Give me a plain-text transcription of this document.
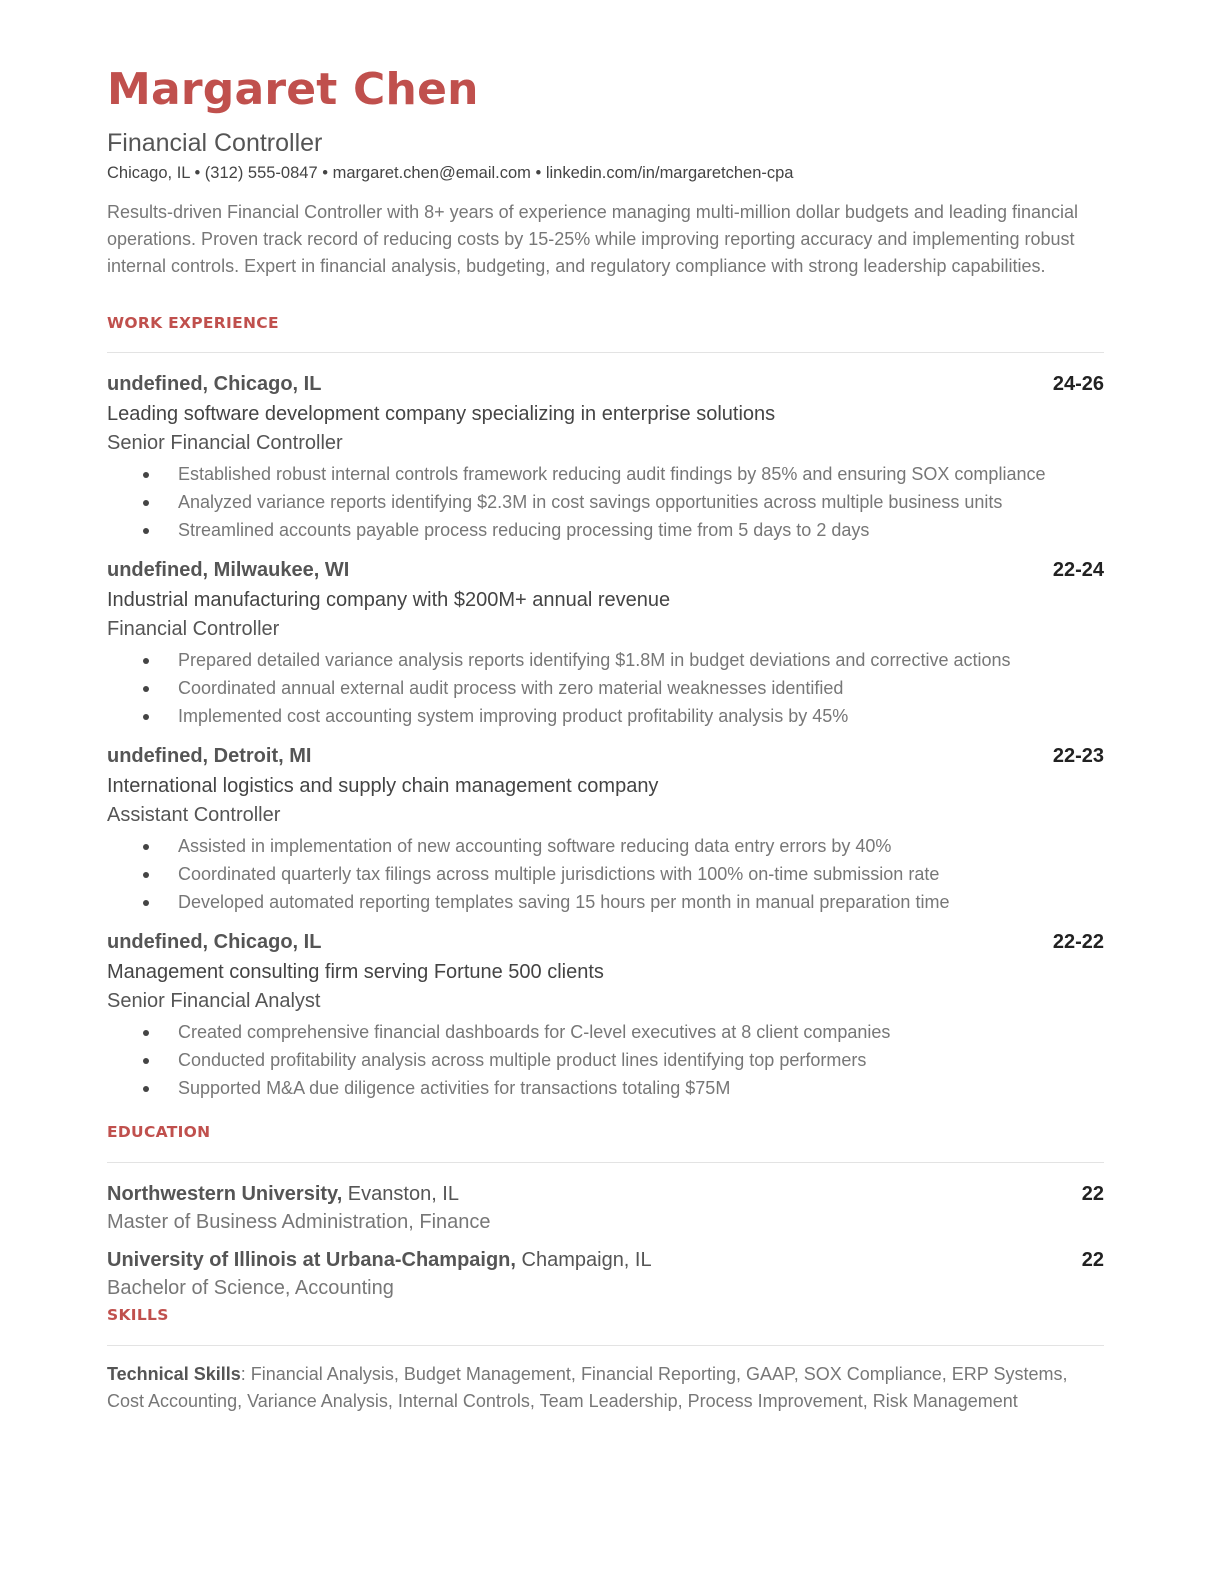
Margaret Chen
Financial Controller
Chicago, IL • (312) 555-0847 • margaret.chen@email.com • linkedin.com/in/margaretchen-cpa
Results-driven Financial Controller with 8+ years of experience managing multi-million dollar budgets and leading financial operations. Proven track record of reducing costs by 15-25% while improving reporting accuracy and implementing robust internal controls. Expert in financial analysis, budgeting, and regulatory compliance with strong leadership capabilities.
WORK EXPERIENCE
undefined, Chicago, IL	24-26
Leading software development company specializing in enterprise solutions
Senior Financial Controller
Established robust internal controls framework reducing audit findings by 85% and ensuring SOX compliance
Analyzed variance reports identifying $2.3M in cost savings opportunities across multiple business units
Streamlined accounts payable process reducing processing time from 5 days to 2 days
undefined, Milwaukee, WI	22-24
Industrial manufacturing company with $200M+ annual revenue
Financial Controller
Prepared detailed variance analysis reports identifying $1.8M in budget deviations and corrective actions
Coordinated annual external audit process with zero material weaknesses identified
Implemented cost accounting system improving product profitability analysis by 45%
undefined, Detroit, MI	22-23
International logistics and supply chain management company
Assistant Controller
Assisted in implementation of new accounting software reducing data entry errors by 40%
Coordinated quarterly tax filings across multiple jurisdictions with 100% on-time submission rate
Developed automated reporting templates saving 15 hours per month in manual preparation time
undefined, Chicago, IL	22-22
Management consulting firm serving Fortune 500 clients
Senior Financial Analyst
Created comprehensive financial dashboards for C-level executives at 8 client companies
Conducted profitability analysis across multiple product lines identifying top performers
Supported M&A due diligence activities for transactions totaling $75M
EDUCATION
Northwestern University, Evanston, IL	22
Master of Business Administration, Finance
University of Illinois at Urbana-Champaign, Champaign, IL	22
Bachelor of Science, Accounting
SKILLS
Technical Skills: Financial Analysis, Budget Management, Financial Reporting, GAAP, SOX Compliance, ERP Systems, Cost Accounting, Variance Analysis, Internal Controls, Team Leadership, Process Improvement, Risk Management
